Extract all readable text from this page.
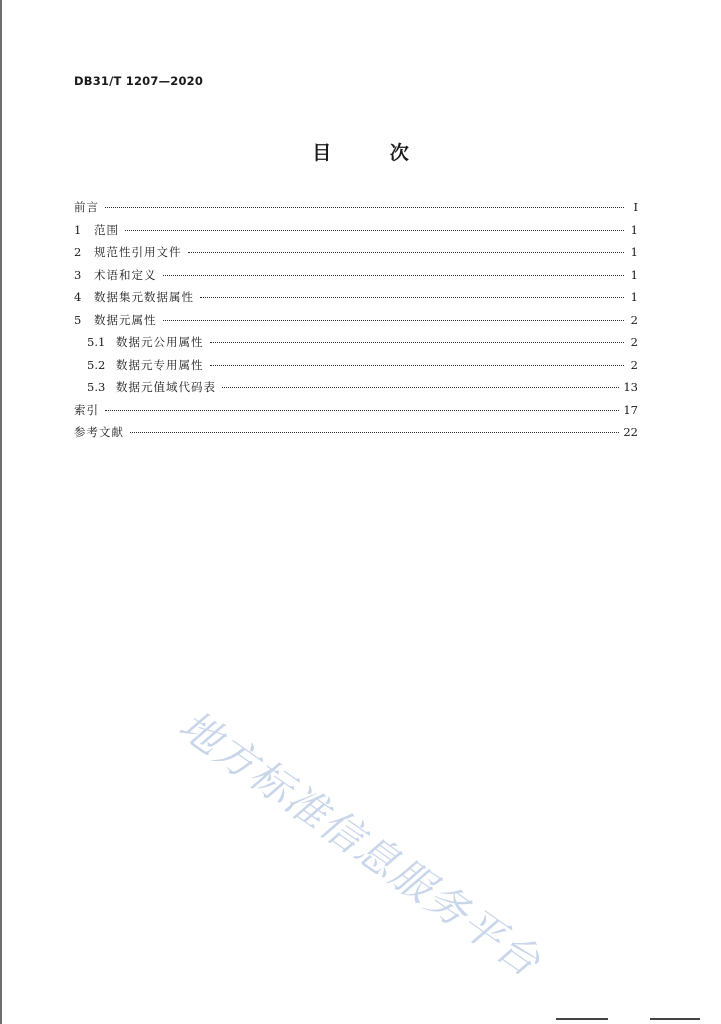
DB31/T 1207—2020
目 次
前言	I
1	范围	1
2	规范性引用文件	1
3	术语和定义	1
4	数据集元数据属性	1
5	数据元属性	2
5.1 数据元公用属性	2
5.2 数据元专用属性	2
5.3 数据元值域代码表	13
索引	17
参考文献	22
地方标准信息服务平台
